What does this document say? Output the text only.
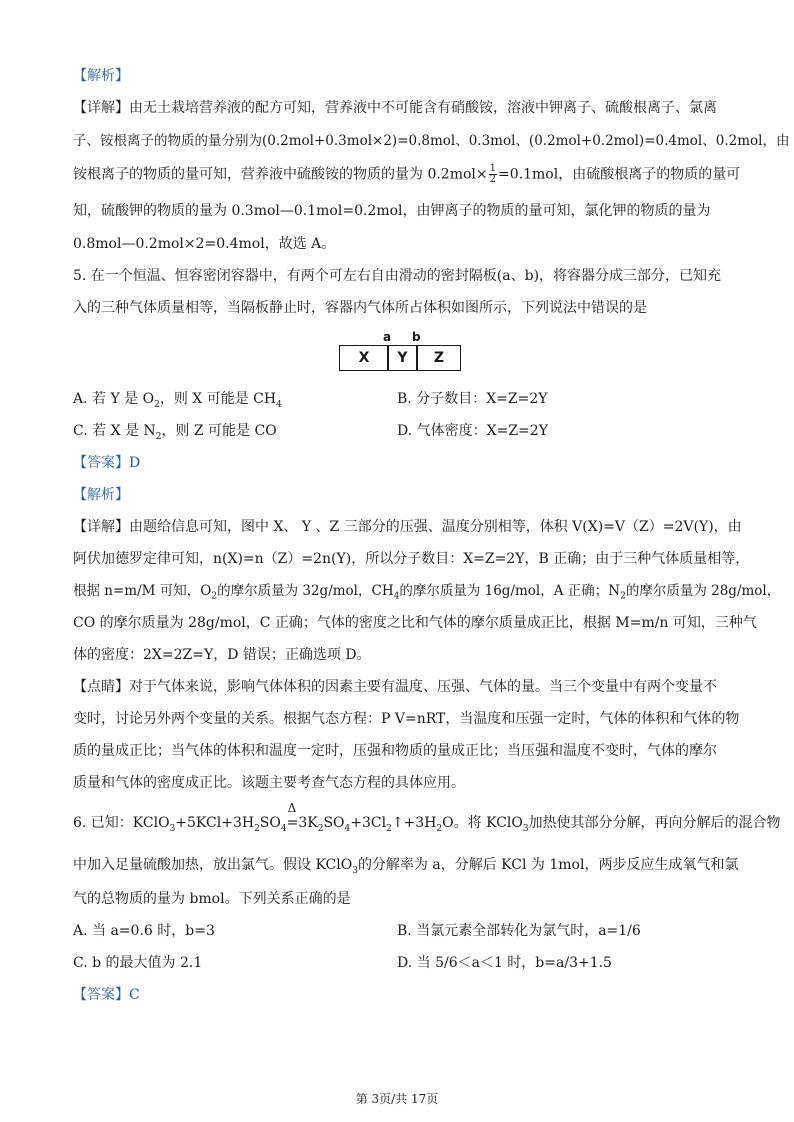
【解析】
【详解】由无土栽培营养液的配方可知，营养液中不可能含有硝酸铵，溶液中钾离子、硫酸根离子、氯离
子、铵根离子的物质的量分别为(0.2mol+0.3mol×2)=0.8mol、0.3mol、(0.2mol+0.2mol)=0.4mol、0.2mol，由
铵根离子的物质的量可知，营养液中硫酸铵的物质的量为 $0.2mol\times \frac{1}{2} =0.1mol$，由硫酸根离子的物质的量可
知，硫酸钾的物质的量为 0.3mol—0.1mol=0.2mol，由钾离子的物质的量可知，氯化钾的物质的量为
0.8mol—0.2mol×2=0.4mol，故选 A。
5. 在一个恒温、恒容密闭容器中，有两个可左右自由滑动的密封隔板(a、b)，将容器分成三部分，已知充
入的三种气体质量相等，当隔板静止时，容器内气体所占体积如图所示，下列说法中错误的是
a b
X	Y	Z
A. 若 Y 是 $O_2$，则 X 可能是 $CH_4$	B. 分子数目：X=Z=2Y
C. 若 X 是 $N_2$，则 Z 可能是 CO	D. 气体密度：X=Z=2Y
【答案】D
【解析】
【详解】由题给信息可知，图中 X、 Y 、Z 三部分的压强、温度分别相等，体积 V(X)=V（Z）=2V(Y)，由
阿伏加德罗定律可知，n(X)=n（Z）=2n(Y)，所以分子数目：X=Z=2Y，B 正确；由于三种气体质量相等，
根据 n=m/M 可知，$O_2$的摩尔质量为 32g/mol，$CH_4$的摩尔质量为 16g/mol，A 正确；$N_2$的摩尔质量为 28g/mol，
CO 的摩尔质量为 28g/mol，C 正确；气体的密度之比和气体的摩尔质量成正比，根据 M=m/n 可知，三种气
体的密度：2X=2Z=Y，D 错误；正确选项 D。
【点睛】对于气体来说，影响气体体积的因素主要有温度、压强、气体的量。当三个变量中有两个变量不
变时，讨论另外两个变量的关系。根据气态方程：P V=nRT，当温度和压强一定时，气体的体积和气体的物
质的量成正比；当气体的体积和温度一定时，压强和物质的量成正比；当压强和温度不变时，气体的摩尔
质量和气体的密度成正比。该题主要考查气态方程的具体应用。
6. 已知：$KClO_3+5KCl+3H_2SO_4$
Δ
$=3K_2SO_4+3Cl_2↑+3H_2O$。将 KClO$_3$加热使其部分分解，再向分解后的混合物
中加入足量硫酸加热，放出氯气。假设 KClO$_3$的分解率为 a，分解后 KCl 为 1mol，两步反应生成氧气和氯
气的总物质的量为 bmol。下列关系正确的是
A. 当 a=0.6 时，b=3	B. 当氯元素全部转化为氯气时，a=1/6
C. b 的最大值为 2.1	D. 当 5/6＜a＜1 时，b=a/3+1.5
【答案】C
第 3页/共 17页
